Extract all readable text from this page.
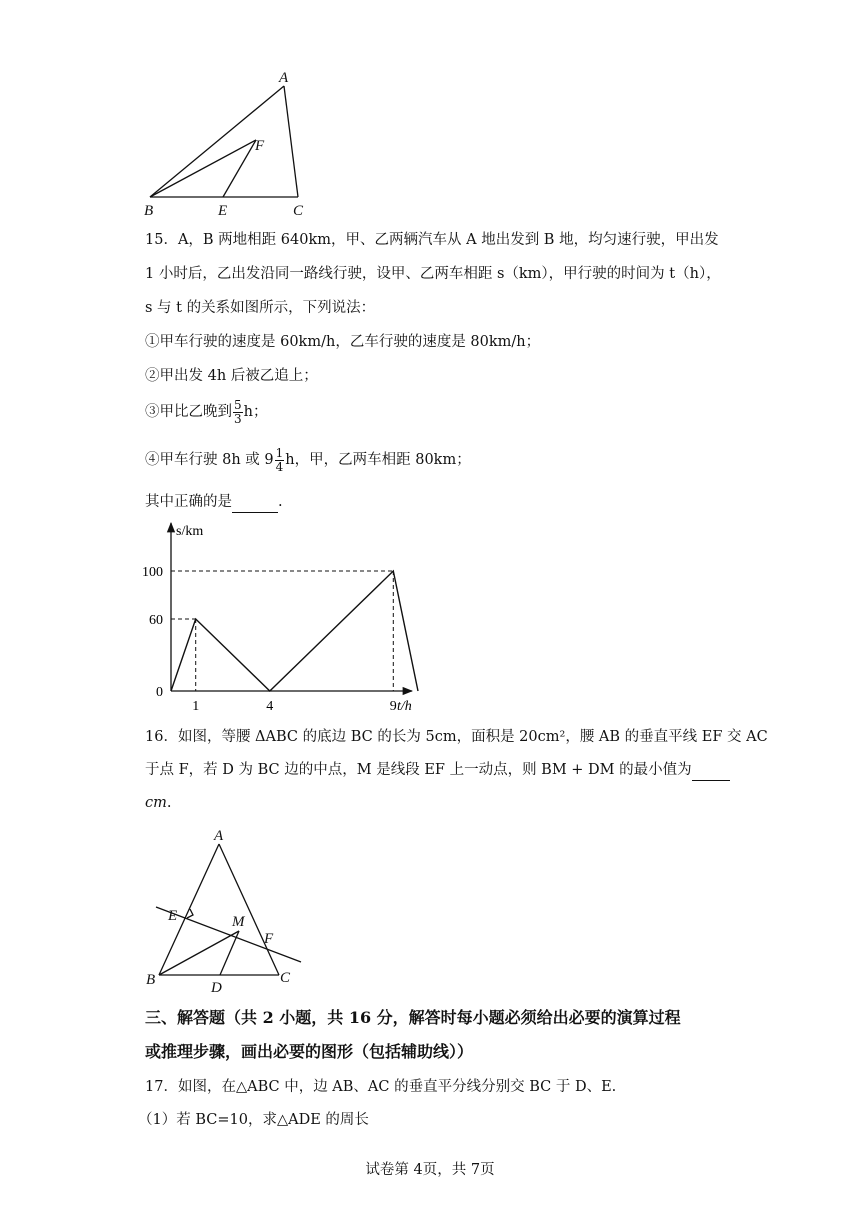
A
F
B	E	C
15．A，B 两地相距 640km，甲、乙两辆汽车从 A 地出发到 B 地，均匀速行驶，甲出发
1 小时后，乙出发沿同一路线行驶，设甲、乙两车相距 s（km），甲行驶的时间为 t（h），
s 与 t 的关系如图所示，下列说法：
①甲车行驶的速度是 60km/h，乙车行驶的速度是 80km/h；
②甲出发 4h 后被乙追上；
③甲比乙晚到 $\frac{5}{3}$ h；
④甲车行驶 8h 或 $9 \frac{1}{4}$ h，甲，乙两车相距 80km；
其中正确的是	.
s/km
t/h
0
60
100
1	4	9
16．如图，等腰 ΔABC 的底边 BC 的长为 5cm，面积是 20cm²，腰 AB 的垂直平线 EF 交 AC
于点 F，若 D 为 BC 边的中点，M 是线段 EF 上一动点，则 BM + DM 的最小值为
cm.
A
E	M
F
B	C
D
三、解答题（共 2 小题，共 16 分，解答时每小题必须给出必要的演算过程
或推理步骤，画出必要的图形（包括辅助线））
17．如图，在△ABC 中，边 AB、AC 的垂直平分线分别交 BC 于 D、E.
（1）若 BC=10，求△ADE 的周长
试卷第 4页，共 7页
